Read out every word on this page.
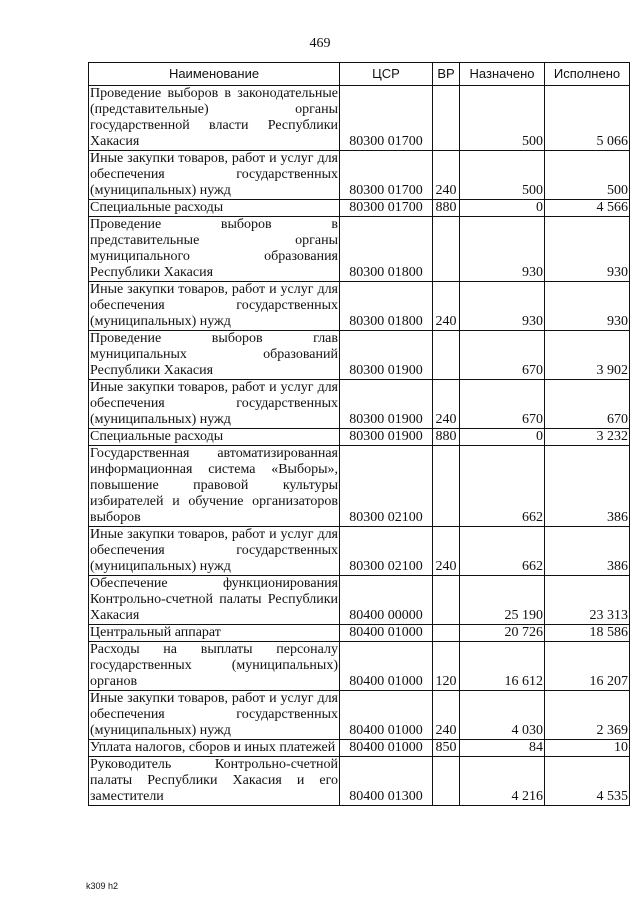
469
Наименование	ЦСР	ВР	Назначено	Исполнено
Проведение выборов в законодательные (представительные) органы государственной власти Республики Хакасия	80300 01700		500	5 066
Иные закупки товаров, работ и услуг для обеспечения государственных (муниципальных) нужд	80300 01700	240	500	500
Специальные расходы	80300 01700	880	0	4 566
Проведение выборов в представительные органы муниципального образования Республики Хакасия	80300 01800		930	930
Иные закупки товаров, работ и услуг для обеспечения государственных (муниципальных) нужд	80300 01800	240	930	930
Проведение выборов глав муниципальных образований Республики Хакасия	80300 01900		670	3 902
Иные закупки товаров, работ и услуг для обеспечения государственных (муниципальных) нужд	80300 01900	240	670	670
Специальные расходы	80300 01900	880	0	3 232
Государственная автоматизированная информационная система «Выборы», повышение правовой культуры избирателей и обучение организаторов выборов	80300 02100		662	386
Иные закупки товаров, работ и услуг для обеспечения государственных (муниципальных) нужд	80300 02100	240	662	386
Обеспечение функционирования Контрольно-счетной палаты Республики Хакасия	80400 00000		25 190	23 313
Центральный аппарат	80400 01000		20 726	18 586
Расходы на выплаты персоналу государственных (муниципальных) органов	80400 01000	120	16 612	16 207
Иные закупки товаров, работ и услуг для обеспечения государственных (муниципальных) нужд	80400 01000	240	4 030	2 369
Уплата налогов, сборов и иных платежей	80400 01000	850	84	10
Руководитель Контрольно-счетной палаты Республики Хакасия и его заместители	80400 01300		4 216	4 535
k309 h2
